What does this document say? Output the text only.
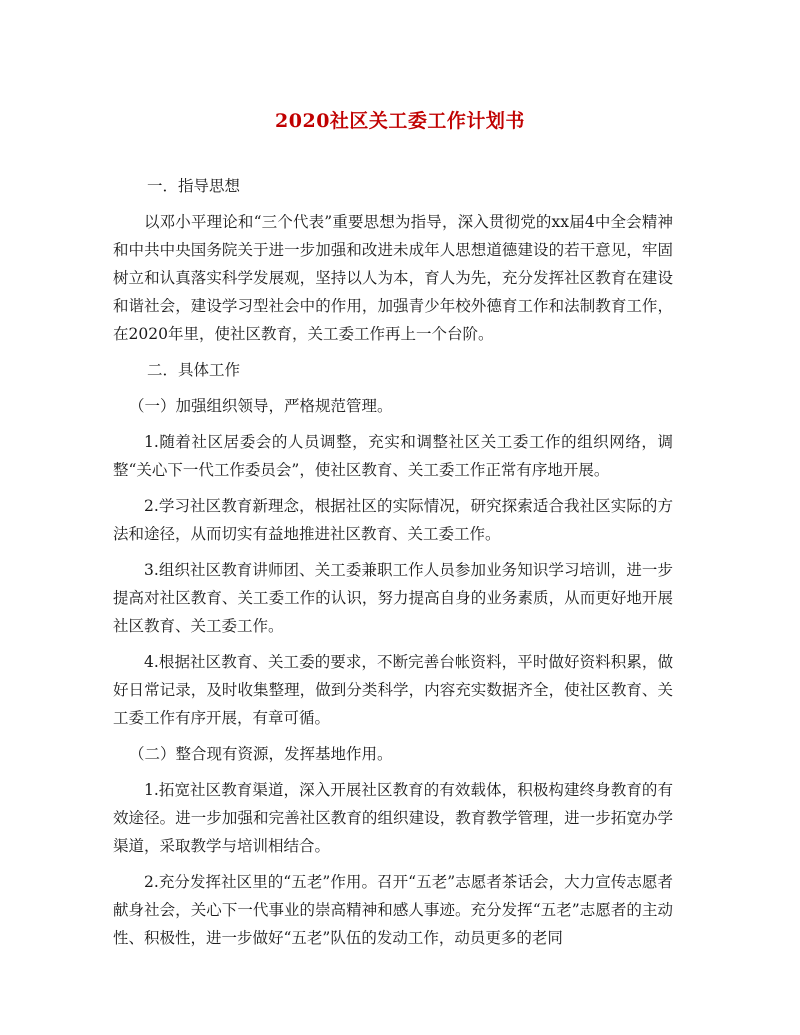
2020社区关工委工作计划书

一．指导思想

以邓小平理论和“三个代表”重要思想为指导，深入贯彻党的xx届4中全会精神和中共中央国务院关于进一步加强和改进未成年人思想道德建设的若干意见，牢固树立和认真落实科学发展观，坚持以人为本，育人为先，充分发挥社区教育在建设和谐社会，建设学习型社会中的作用，加强青少年校外德育工作和法制教育工作，在2020年里，使社区教育，关工委工作再上一个台阶。

二．具体工作

（一）加强组织领导，严格规范管理。

1.随着社区居委会的人员调整，充实和调整社区关工委工作的组织网络，调整“关心下一代工作委员会”，使社区教育、关工委工作正常有序地开展。

2.学习社区教育新理念，根据社区的实际情况，研究探索适合我社区实际的方法和途径，从而切实有益地推进社区教育、关工委工作。

3.组织社区教育讲师团、关工委兼职工作人员参加业务知识学习培训，进一步提高对社区教育、关工委工作的认识，努力提高自身的业务素质，从而更好地开展社区教育、关工委工作。

4.根据社区教育、关工委的要求，不断完善台帐资料，平时做好资料积累，做好日常记录，及时收集整理，做到分类科学，内容充实数据齐全，使社区教育、关工委工作有序开展，有章可循。

（二）整合现有资源，发挥基地作用。

1.拓宽社区教育渠道，深入开展社区教育的有效载体，积极构建终身教育的有效途径。进一步加强和完善社区教育的组织建设，教育教学管理，进一步拓宽办学渠道，采取教学与培训相结合。

2.充分发挥社区里的“五老”作用。召开“五老”志愿者茶话会，大力宣传志愿者献身社会，关心下一代事业的崇高精神和感人事迹。充分发挥“五老”志愿者的主动性、积极性，进一步做好“五老”队伍的发动工作，动员更多的老同
